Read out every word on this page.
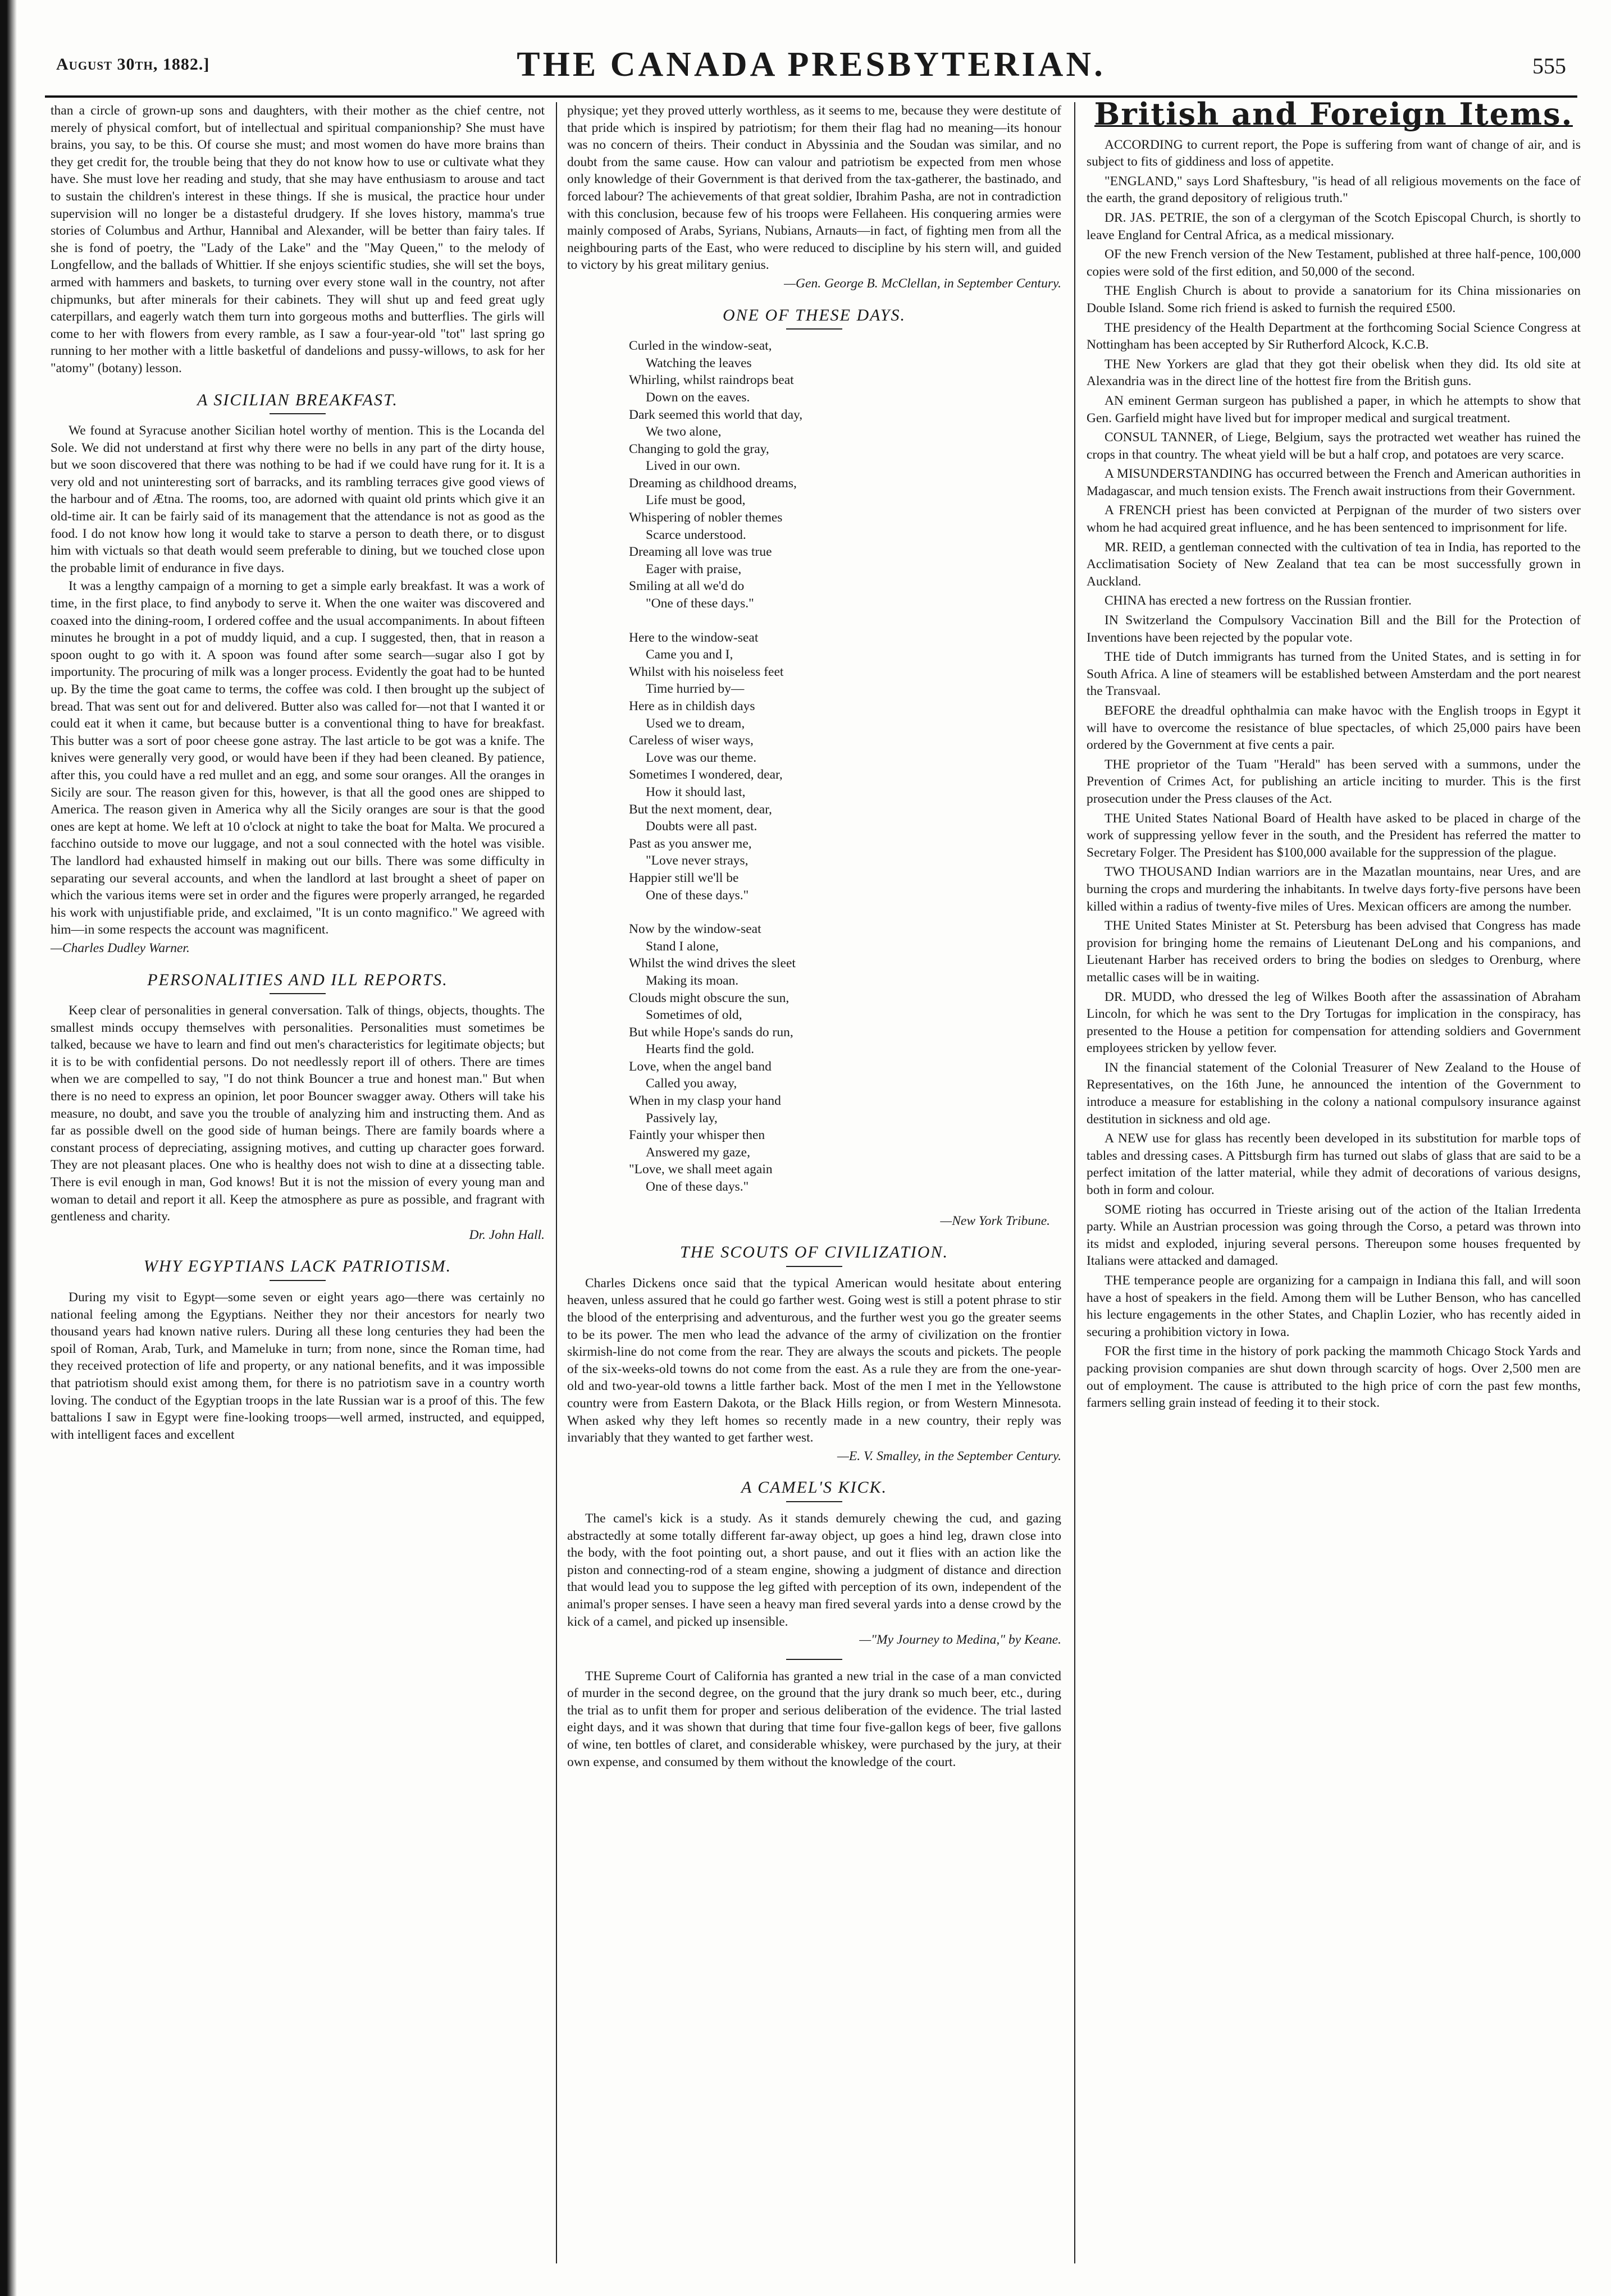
August 30th, 1882.]	THE CANADA PRESBYTERIAN.	555

than a circle of grown-up sons and daughters, with their mother as the chief centre, not merely of physical comfort, but of intellectual and spiritual companionship? She must have brains, you say, to be this. Of course she must; and most women do have more brains than they get credit for, the trouble being that they do not know how to use or cultivate what they have. She must love her reading and study, that she may have enthusiasm to arouse and tact to sustain the children's interest in these things. If she is musical, the practice hour under supervision will no longer be a distasteful drudgery. If she loves history, mamma's true stories of Columbus and Arthur, Hannibal and Alexander, will be better than fairy tales. If she is fond of poetry, the "Lady of the Lake" and the "May Queen," to the melody of Longfellow, and the ballads of Whittier. If she enjoys scientific studies, she will set the boys, armed with hammers and baskets, to turning over every stone wall in the country, not after chipmunks, but after minerals for their cabinets. They will shut up and feed great ugly caterpillars, and eagerly watch them turn into gorgeous moths and butterflies. The girls will come to her with flowers from every ramble, as I saw a four-year-old "tot" last spring go running to her mother with a little basketful of dandelions and pussy-willows, to ask for her "atomy" (botany) lesson.

A SICILIAN BREAKFAST.

We found at Syracuse another Sicilian hotel worthy of mention. This is the Locanda del Sole. We did not understand at first why there were no bells in any part of the dirty house, but we soon discovered that there was nothing to be had if we could have rung for it. It is a very old and not uninteresting sort of barracks, and its rambling terraces give good views of the harbour and of Ætna. The rooms, too, are adorned with quaint old prints which give it an old-time air. It can be fairly said of its management that the attendance is not as good as the food. I do not know how long it would take to starve a person to death there, or to disgust him with victuals so that death would seem preferable to dining, but we touched close upon the probable limit of endurance in five days.

It was a lengthy campaign of a morning to get a simple early breakfast. It was a work of time, in the first place, to find anybody to serve it. When the one waiter was discovered and coaxed into the dining-room, I ordered coffee and the usual accompaniments. In about fifteen minutes he brought in a pot of muddy liquid, and a cup. I suggested, then, that in reason a spoon ought to go with it. A spoon was found after some search—sugar also I got by importunity. The procuring of milk was a longer process. Evidently the goat had to be hunted up. By the time the goat came to terms, the coffee was cold. I then brought up the subject of bread. That was sent out for and delivered. Butter also was called for—not that I wanted it or could eat it when it came, but because butter is a conventional thing to have for breakfast. This butter was a sort of poor cheese gone astray. The last article to be got was a knife. The knives were generally very good, or would have been if they had been cleaned. By patience, after this, you could have a red mullet and an egg, and some sour oranges. All the oranges in Sicily are sour. The reason given for this, however, is that all the good ones are shipped to America. The reason given in America why all the Sicily oranges are sour is that the good ones are kept at home. We left at 10 o'clock at night to take the boat for Malta. We procured a facchino outside to move our luggage, and not a soul connected with the hotel was visible. The landlord had exhausted himself in making out our bills. There was some difficulty in separating our several accounts, and when the landlord at last brought a sheet of paper on which the various items were set in order and the figures were properly arranged, he regarded his work with unjustifiable pride, and exclaimed, "It is un conto magnifico." We agreed with him—in some respects the account was magnificent.

—Charles Dudley Warner.

PERSONALITIES AND ILL REPORTS.

Keep clear of personalities in general conversation. Talk of things, objects, thoughts. The smallest minds occupy themselves with personalities. Personalities must sometimes be talked, because we have to learn and find out men's characteristics for legitimate objects; but it is to be with confidential persons. Do not needlessly report ill of others. There are times when we are compelled to say, "I do not think Bouncer a true and honest man." But when there is no need to express an opinion, let poor Bouncer swagger away. Others will take his measure, no doubt, and save you the trouble of analyzing him and instructing them. And as far as possible dwell on the good side of human beings. There are family boards where a constant process of depreciating, assigning motives, and cutting up character goes forward. They are not pleasant places. One who is healthy does not wish to dine at a dissecting table. There is evil enough in man, God knows! But it is not the mission of every young man and woman to detail and report it all. Keep the atmosphere as pure as possible, and fragrant with gentleness and charity.

Dr. John Hall.

WHY EGYPTIANS LACK PATRIOTISM.

During my visit to Egypt—some seven or eight years ago—there was certainly no national feeling among the Egyptians. Neither they nor their ancestors for nearly two thousand years had known native rulers. During all these long centuries they had been the spoil of Roman, Arab, Turk, and Mameluke in turn; from none, since the Roman time, had they received protection of life and property, or any national benefits, and it was impossible that patriotism should exist among them, for there is no patriotism save in a country worth loving. The conduct of the Egyptian troops in the late Russian war is a proof of this. The few battalions I saw in Egypt were fine-looking troops—well armed, instructed, and equipped, with intelligent faces and excellent

physique; yet they proved utterly worthless, as it seems to me, because they were destitute of that pride which is inspired by patriotism; for them their flag had no meaning—its honour was no concern of theirs. Their conduct in Abyssinia and the Soudan was similar, and no doubt from the same cause. How can valour and patriotism be expected from men whose only knowledge of their Government is that derived from the tax-gatherer, the bastinado, and forced labour? The achievements of that great soldier, Ibrahim Pasha, are not in contradiction with this conclusion, because few of his troops were Fellaheen. His conquering armies were mainly composed of Arabs, Syrians, Nubians, Arnauts—in fact, of fighting men from all the neighbouring parts of the East, who were reduced to discipline by his stern will, and guided to victory by his great military genius.

—Gen. George B. McClellan, in September Century.

ONE OF THESE DAYS.
Curled in the window-seat,
Watching the leaves
Whirling, whilst raindrops beat
Down on the eaves.
Dark seemed this world that day,
We two alone,
Changing to gold the gray,
Lived in our own.
Dreaming as childhood dreams,
Life must be good,
Whispering of nobler themes
Scarce understood.
Dreaming all love was true
Eager with praise,
Smiling at all we'd do
"One of these days."
Here to the window-seat
Came you and I,
Whilst with his noiseless feet
Time hurried by—
Here as in childish days
Used we to dream,
Careless of wiser ways,
Love was our theme.
Sometimes I wondered, dear,
How it should last,
But the next moment, dear,
Doubts were all past.
Past as you answer me,
"Love never strays,
Happier still we'll be
One of these days."
Now by the window-seat
Stand I alone,
Whilst the wind drives the sleet
Making its moan.
Clouds might obscure the sun,
Sometimes of old,
But while Hope's sands do run,
Hearts find the gold.
Love, when the angel band
Called you away,
When in my clasp your hand
Passively lay,
Faintly your whisper then
Answered my gaze,
"Love, we shall meet again
One of these days."
—New York Tribune.
THE SCOUTS OF CIVILIZATION.

Charles Dickens once said that the typical American would hesitate about entering heaven, unless assured that he could go farther west. Going west is still a potent phrase to stir the blood of the enterprising and adventurous, and the further west you go the greater seems to be its power. The men who lead the advance of the army of civilization on the frontier skirmish-line do not come from the rear. They are always the scouts and pickets. The people of the six-weeks-old towns do not come from the east. As a rule they are from the one-year-old and two-year-old towns a little farther back. Most of the men I met in the Yellowstone country were from Eastern Dakota, or the Black Hills region, or from Western Minnesota. When asked why they left homes so recently made in a new country, their reply was invariably that they wanted to get farther west.

—E. V. Smalley, in the September Century.

A CAMEL'S KICK.

The camel's kick is a study. As it stands demurely chewing the cud, and gazing abstractedly at some totally different far-away object, up goes a hind leg, drawn close into the body, with the foot pointing out, a short pause, and out it flies with an action like the piston and connecting-rod of a steam engine, showing a judgment of distance and direction that would lead you to suppose the leg gifted with perception of its own, independent of the animal's proper senses. I have seen a heavy man fired several yards into a dense crowd by the kick of a camel, and picked up insensible.

—"My Journey to Medina," by Keane.

THE Supreme Court of California has granted a new trial in the case of a man convicted of murder in the second degree, on the ground that the jury drank so much beer, etc., during the trial as to unfit them for proper and serious deliberation of the evidence. The trial lasted eight days, and it was shown that during that time four five-gallon kegs of beer, five gallons of wine, ten bottles of claret, and considerable whiskey, were purchased by the jury, at their own expense, and consumed by them without the knowledge of the court.

British and Foreign Items.

ACCORDING to current report, the Pope is suffering from want of change of air, and is subject to fits of giddiness and loss of appetite.

"ENGLAND," says Lord Shaftesbury, "is head of all religious movements on the face of the earth, the grand depository of religious truth."

DR. JAS. PETRIE, the son of a clergyman of the Scotch Episcopal Church, is shortly to leave England for Central Africa, as a medical missionary.

OF the new French version of the New Testament, published at three half-pence, 100,000 copies were sold of the first edition, and 50,000 of the second.

THE English Church is about to provide a sanatorium for its China missionaries on Double Island. Some rich friend is asked to furnish the required £500.

THE presidency of the Health Department at the forthcoming Social Science Congress at Nottingham has been accepted by Sir Rutherford Alcock, K.C.B.

THE New Yorkers are glad that they got their obelisk when they did. Its old site at Alexandria was in the direct line of the hottest fire from the British guns.

AN eminent German surgeon has published a paper, in which he attempts to show that Gen. Garfield might have lived but for improper medical and surgical treatment.

CONSUL TANNER, of Liege, Belgium, says the protracted wet weather has ruined the crops in that country. The wheat yield will be but a half crop, and potatoes are very scarce.

A MISUNDERSTANDING has occurred between the French and American authorities in Madagascar, and much tension exists. The French await instructions from their Government.

A FRENCH priest has been convicted at Perpignan of the murder of two sisters over whom he had acquired great influence, and he has been sentenced to imprisonment for life.

MR. REID, a gentleman connected with the cultivation of tea in India, has reported to the Acclimatisation Society of New Zealand that tea can be most successfully grown in Auckland.

CHINA has erected a new fortress on the Russian frontier.

IN Switzerland the Compulsory Vaccination Bill and the Bill for the Protection of Inventions have been rejected by the popular vote.

THE tide of Dutch immigrants has turned from the United States, and is setting in for South Africa. A line of steamers will be established between Amsterdam and the port nearest the Transvaal.

BEFORE the dreadful ophthalmia can make havoc with the English troops in Egypt it will have to overcome the resistance of blue spectacles, of which 25,000 pairs have been ordered by the Government at five cents a pair.

THE proprietor of the Tuam "Herald" has been served with a summons, under the Prevention of Crimes Act, for publishing an article inciting to murder. This is the first prosecution under the Press clauses of the Act.

THE United States National Board of Health have asked to be placed in charge of the work of suppressing yellow fever in the south, and the President has referred the matter to Secretary Folger. The President has $100,000 available for the suppression of the plague.

TWO THOUSAND Indian warriors are in the Mazatlan mountains, near Ures, and are burning the crops and murdering the inhabitants. In twelve days forty-five persons have been killed within a radius of twenty-five miles of Ures. Mexican officers are among the number.

THE United States Minister at St. Petersburg has been advised that Congress has made provision for bringing home the remains of Lieutenant DeLong and his companions, and Lieutenant Harber has received orders to bring the bodies on sledges to Orenburg, where metallic cases will be in waiting.

DR. MUDD, who dressed the leg of Wilkes Booth after the assassination of Abraham Lincoln, for which he was sent to the Dry Tortugas for implication in the conspiracy, has presented to the House a petition for compensation for attending soldiers and Government employees stricken by yellow fever.

IN the financial statement of the Colonial Treasurer of New Zealand to the House of Representatives, on the 16th June, he announced the intention of the Government to introduce a measure for establishing in the colony a national compulsory insurance against destitution in sickness and old age.

A NEW use for glass has recently been developed in its substitution for marble tops of tables and dressing cases. A Pittsburgh firm has turned out slabs of glass that are said to be a perfect imitation of the latter material, while they admit of decorations of various designs, both in form and colour.

SOME rioting has occurred in Trieste arising out of the action of the Italian Irredenta party. While an Austrian procession was going through the Corso, a petard was thrown into its midst and exploded, injuring several persons. Thereupon some houses frequented by Italians were attacked and damaged.

THE temperance people are organizing for a campaign in Indiana this fall, and will soon have a host of speakers in the field. Among them will be Luther Benson, who has cancelled his lecture engagements in the other States, and Chaplin Lozier, who has recently aided in securing a prohibition victory in Iowa.

FOR the first time in the history of pork packing the mammoth Chicago Stock Yards and packing provision companies are shut down through scarcity of hogs. Over 2,500 men are out of employment. The cause is attributed to the high price of corn the past few months, farmers selling grain instead of feeding it to their stock.
